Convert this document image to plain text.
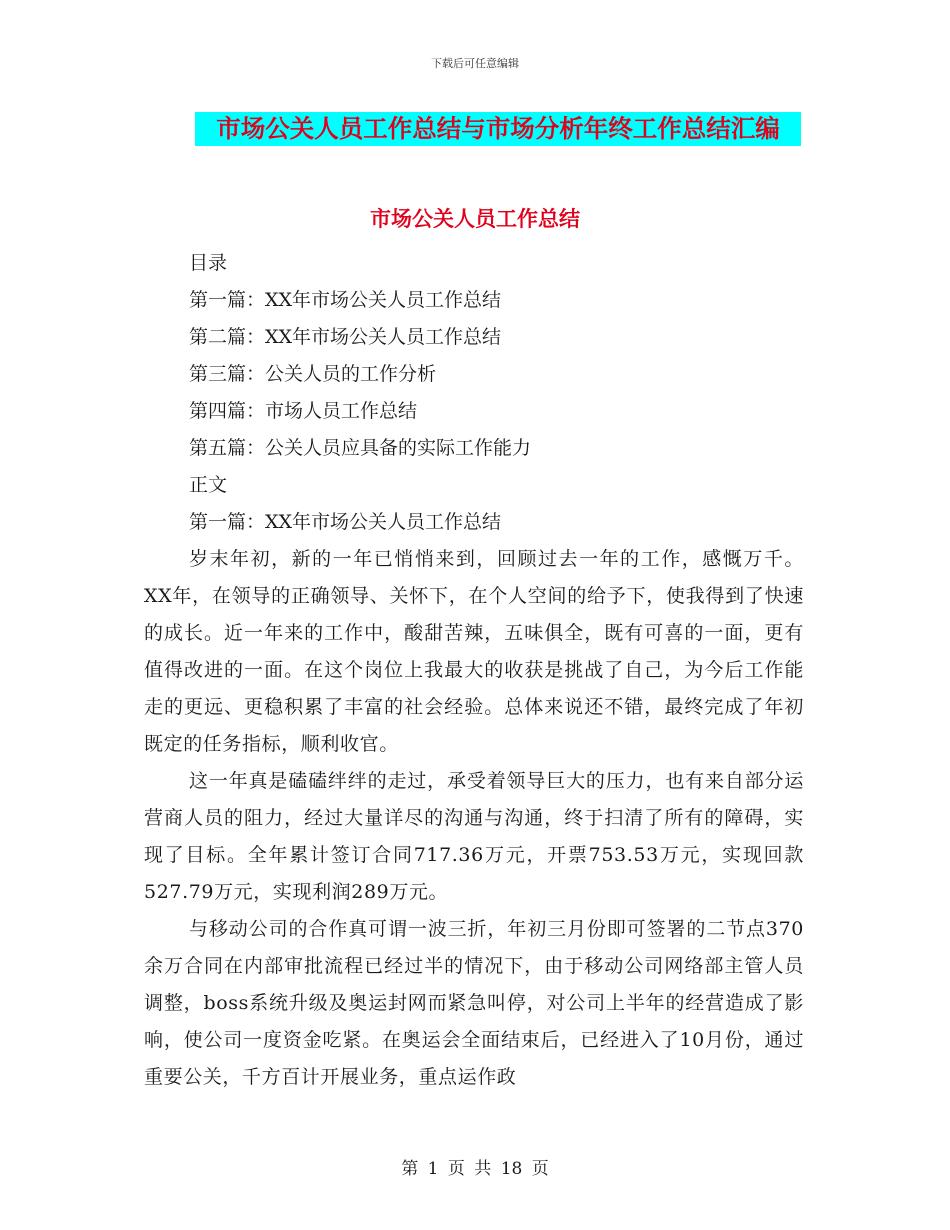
下载后可任意编辑
市场公关人员工作总结与市场分析年终工作总结汇编
市场公关人员工作总结

目录

第一篇：XX年市场公关人员工作总结

第二篇：XX年市场公关人员工作总结

第三篇：公关人员的工作分析

第四篇：市场人员工作总结

第五篇：公关人员应具备的实际工作能力

正文

第一篇：XX年市场公关人员工作总结

岁末年初，新的一年已悄悄来到，回顾过去一年的工作，感慨万千。XX年，在领导的正确领导、关怀下，在个人空间的给予下，使我得到了快速的成长。近一年来的工作中，酸甜苦辣，五味俱全，既有可喜的一面，更有值得改进的一面。在这个岗位上我最大的收获是挑战了自己，为今后工作能走的更远、更稳积累了丰富的社会经验。总体来说还不错，最终完成了年初既定的任务指标，顺利收官。

这一年真是磕磕绊绊的走过，承受着领导巨大的压力，也有来自部分运营商人员的阻力，经过大量详尽的沟通与沟通，终于扫清了所有的障碍，实现了目标。全年累计签订合同717.36万元，开票753.53万元，实现回款527.79万元，实现利润289万元。

与移动公司的合作真可谓一波三折，年初三月份即可签署的二节点370余万合同在内部审批流程已经过半的情况下，由于移动公司网络部主管人员调整，boss系统升级及奥运封网而紧急叫停，对公司上半年的经营造成了影响，使公司一度资金吃紧。在奥运会全面结束后，已经进入了10月份，通过重要公关，千方百计开展业务，重点运作政

第 1 页 共 18 页
